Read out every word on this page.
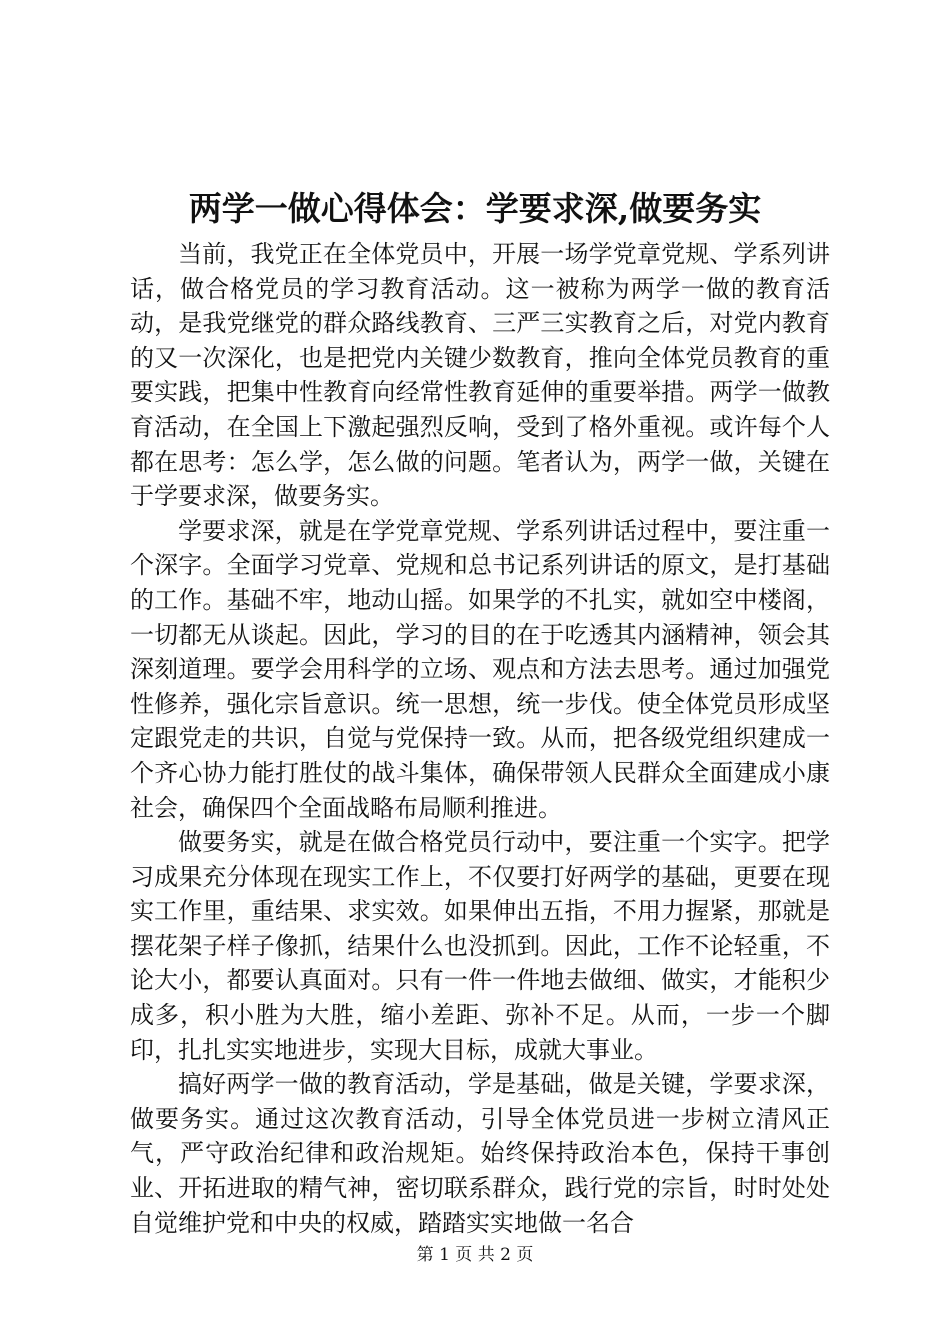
两学一做心得体会：学要求深,做要务实

当前，我党正在全体党员中，开展一场学党章党规、学系列讲话，做合格党员的学习教育活动。这一被称为两学一做的教育活动，是我党继党的群众路线教育、三严三实教育之后，对党内教育的又一次深化，也是把党内关键少数教育，推向全体党员教育的重要实践，把集中性教育向经常性教育延伸的重要举措。两学一做教育活动，在全国上下激起强烈反响，受到了格外重视。或许每个人都在思考：怎么学，怎么做的问题。笔者认为，两学一做，关键在于学要求深，做要务实。

学要求深，就是在学党章党规、学系列讲话过程中，要注重一个深字。全面学习党章、党规和总书记系列讲话的原文，是打基础的工作。基础不牢，地动山摇。如果学的不扎实，就如空中楼阁，一切都无从谈起。因此，学习的目的在于吃透其内涵精神，领会其深刻道理。要学会用科学的立场、观点和方法去思考。通过加强党性修养，强化宗旨意识。统一思想，统一步伐。使全体党员形成坚定跟党走的共识，自觉与党保持一致。从而，把各级党组织建成一个齐心协力能打胜仗的战斗集体，确保带领人民群众全面建成小康社会，确保四个全面战略布局顺利推进。

做要务实，就是在做合格党员行动中，要注重一个实字。把学习成果充分体现在现实工作上，不仅要打好两学的基础，更要在现实工作里，重结果、求实效。如果伸出五指，不用力握紧，那就是摆花架子样子像抓，结果什么也没抓到。因此，工作不论轻重，不论大小，都要认真面对。只有一件一件地去做细、做实，才能积少成多，积小胜为大胜，缩小差距、弥补不足。从而，一步一个脚印，扎扎实实地进步，实现大目标，成就大事业。

搞好两学一做的教育活动，学是基础，做是关键，学要求深，做要务实。通过这次教育活动，引导全体党员进一步树立清风正气，严守政治纪律和政治规矩。始终保持政治本色，保持干事创业、开拓进取的精气神，密切联系群众，践行党的宗旨，时时处处自觉维护党和中央的权威，踏踏实实地做一名合

第 1 页 共 2 页
